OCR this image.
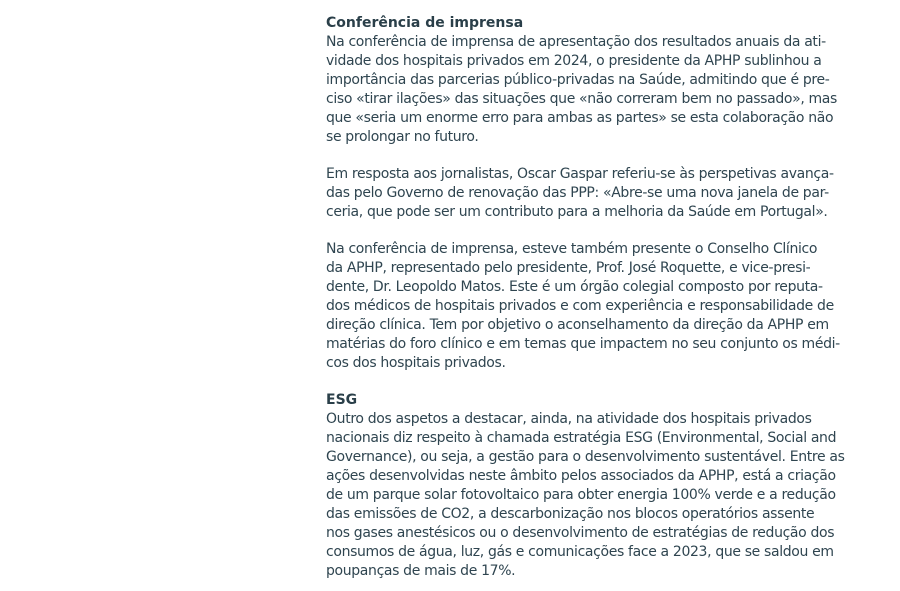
Conferência de imprensa

Na conferência de imprensa de apresentação dos resultados anuais da ati-

vidade dos hospitais privados em 2024, o presidente da APHP sublinhou a

importância das parcerias público-privadas na Saúde, admitindo que é pre-

ciso «tirar ilações» das situações que «não correram bem no passado», mas

que «seria um enorme erro para ambas as partes» se esta colaboração não

se prolongar no futuro.

Em resposta aos jornalistas, Oscar Gaspar referiu-se às perspetivas avança-

das pelo Governo de renovação das PPP: «Abre-se uma nova janela de par-

ceria, que pode ser um contributo para a melhoria da Saúde em Portugal».

Na conferência de imprensa, esteve também presente o Conselho Clínico

da APHP, representado pelo presidente, Prof. José Roquette, e vice-presi-

dente, Dr. Leopoldo Matos. Este é um órgão colegial composto por reputa-

dos médicos de hospitais privados e com experiência e responsabilidade de

direção clínica. Tem por objetivo o aconselhamento da direção da APHP em

matérias do foro clínico e em temas que impactem no seu conjunto os médi-

cos dos hospitais privados.

ESG

Outro dos aspetos a destacar, ainda, na atividade dos hospitais privados

nacionais diz respeito à chamada estratégia ESG (Environmental, Social and

Governance), ou seja, a gestão para o desenvolvimento sustentável. Entre as

ações desenvolvidas neste âmbito pelos associados da APHP, está a criação

de um parque solar fotovoltaico para obter energia 100% verde e a redução

das emissões de CO2, a descarbonização nos blocos operatórios assente

nos gases anestésicos ou o desenvolvimento de estratégias de redução dos

consumos de água, luz, gás e comunicações face a 2023, que se saldou em

poupanças de mais de 17%.
